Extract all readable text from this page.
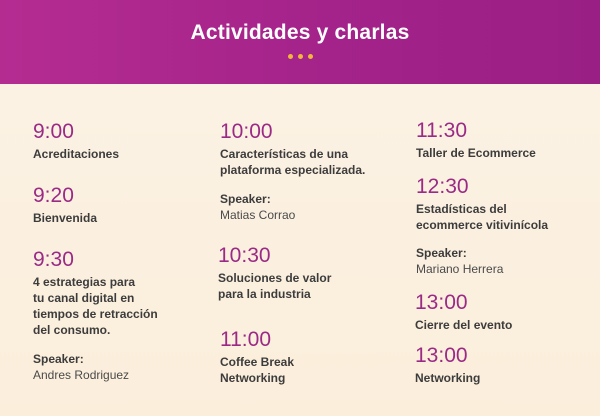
Actividades y charlas
9:00
Acreditaciones
9:20
Bienvenida
9:30
4 estrategias para
tu canal digital en
tiempos de retracción
del consumo.
Speaker:
Andres Rodriguez
10:00
Características de una
plataforma especializada.
Speaker:
Matias Corrao
10:30
Soluciones de valor
para la industria
11:00
Coffee Break
Networking
11:30
Taller de Ecommerce
12:30
Estadísticas del
ecommerce vitivinícola
Speaker:
Mariano Herrera
13:00
Cierre del evento
13:00
Networking
